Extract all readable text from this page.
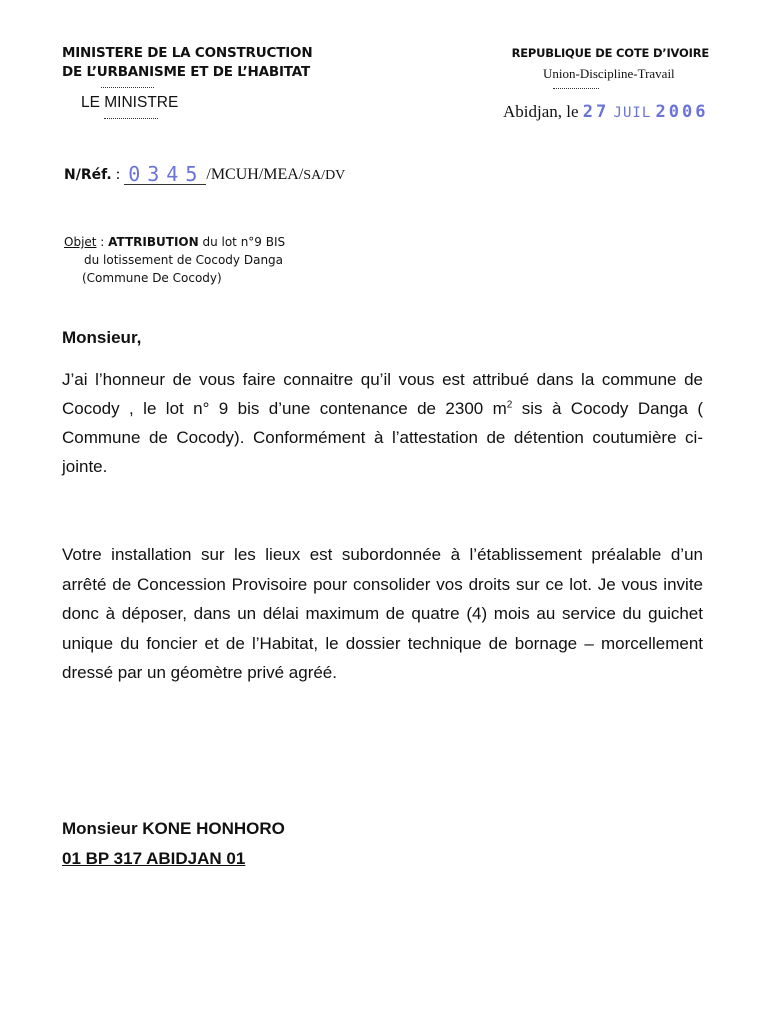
MINISTERE DE LA CONSTRUCTION
DE L’URBANISME ET DE L’HABITAT
LE MINISTRE
REPUBLIQUE DE COTE D’IVOIRE
Union-Discipline-Travail
Abidjan, le 27 JUIL 2006
N/Réf. : 0345 /MCUH/MEA/SA/DV
Objet : ATTRIBUTION du lot n°9 BIS
du lotissement de Cocody Danga
(Commune De Cocody)
Monsieur,
J’ai l’honneur de vous faire connaitre qu’il vous est attribué dans la commune de Cocody , le lot n° 9 bis d’une contenance de 2300 $m^2$ sis à Cocody Danga ( Commune de Cocody). Conformément à l’attestation de détention coutumière ci-jointe.
Votre installation sur les lieux est subordonnée à l’établissement préalable d’un arrêté de Concession Provisoire pour consolider vos droits sur ce lot. Je vous invite donc à déposer, dans un délai maximum de quatre (4) mois au service du guichet unique du foncier et de l’Habitat, le dossier technique de bornage – morcellement dressé par un géomètre privé agréé.
Monsieur KONE HONHORO
01 BP 317 ABIDJAN 01
